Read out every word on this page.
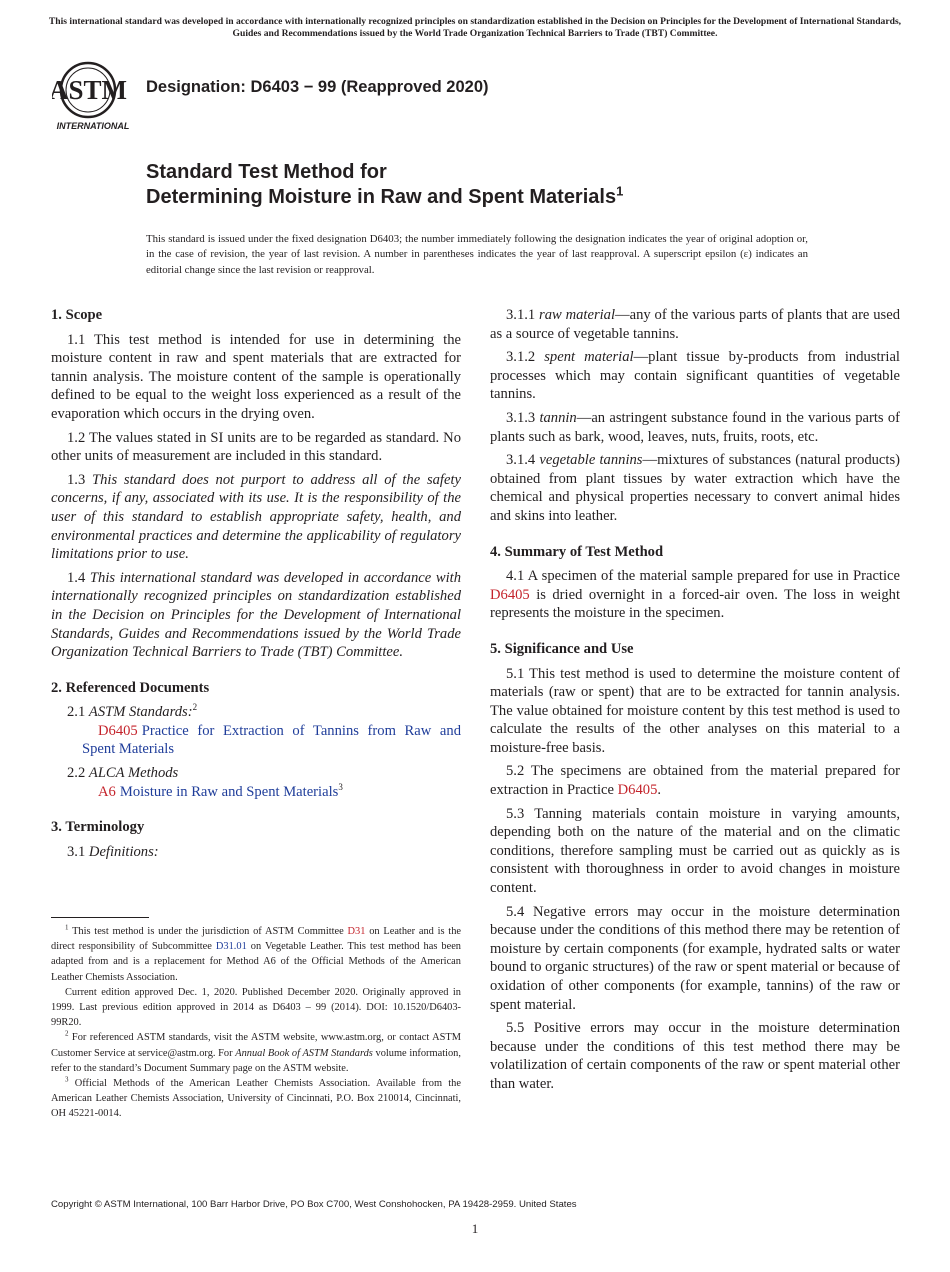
This international standard was developed in accordance with internationally recognized principles on standardization established in the Decision on Principles for the Development of International Standards, Guides and Recommendations issued by the World Trade Organization Technical Barriers to Trade (TBT) Committee.
ASTM
INTERNATIONAL
Designation: D6403 − 99 (Reapproved 2020)
Standard Test Method for
Determining Moisture in Raw and Spent Materials$^1$
This standard is issued under the fixed designation D6403; the number immediately following the designation indicates the year of original adoption or, in the case of revision, the year of last revision. A number in parentheses indicates the year of last reapproval. A superscript epsilon (ε) indicates an editorial change since the last revision or reapproval.
1. Scope

1.1 This test method is intended for use in determining the moisture content in raw and spent materials that are extracted for tannin analysis. The moisture content of the sample is operationally defined to be equal to the weight loss experienced as a result of the evaporation which occurs in the drying oven.

1.2 The values stated in SI units are to be regarded as standard. No other units of measurement are included in this standard.

1.3 This standard does not purport to address all of the safety concerns, if any, associated with its use. It is the responsibility of the user of this standard to establish appropriate safety, health, and environmental practices and determine the applicability of regulatory limitations prior to use.

1.4 This international standard was developed in accordance with internationally recognized principles on standardization established in the Decision on Principles for the Development of International Standards, Guides and Recommendations issued by the World Trade Organization Technical Barriers to Trade (TBT) Committee.

2. Referenced Documents

2.1 ASTM Standards:$^2$

D6405 Practice for Extraction of Tannins from Raw and Spent Materials

2.2 ALCA Methods

A6 Moisture in Raw and Spent Materials$^3$

3. Terminology

3.1 Definitions:

$^1$ This test method is under the jurisdiction of ASTM Committee D31 on Leather and is the direct responsibility of Subcommittee D31.01 on Vegetable Leather. This test method has been adapted from and is a replacement for Method A6 of the Official Methods of the American Leather Chemists Association.

Current edition approved Dec. 1, 2020. Published December 2020. Originally approved in 1999. Last previous edition approved in 2014 as D6403 – 99 (2014). DOI: 10.1520/D6403-99R20.

$^2$ For referenced ASTM standards, visit the ASTM website, www.astm.org, or contact ASTM Customer Service at service@astm.org. For Annual Book of ASTM Standards volume information, refer to the standard’s Document Summary page on the ASTM website.

$^3$ Official Methods of the American Leather Chemists Association. Available from the American Leather Chemists Association, University of Cincinnati, P.O. Box 210014, Cincinnati, OH 45221-0014.

3.1.1 raw material—any of the various parts of plants that are used as a source of vegetable tannins.

3.1.2 spent material—plant tissue by-products from industrial processes which may contain significant quantities of vegetable tannins.

3.1.3 tannin—an astringent substance found in the various parts of plants such as bark, wood, leaves, nuts, fruits, roots, etc.

3.1.4 vegetable tannins—mixtures of substances (natural products) obtained from plant tissues by water extraction which have the chemical and physical properties necessary to convert animal hides and skins into leather.

4. Summary of Test Method

4.1 A specimen of the material sample prepared for use in Practice D6405 is dried overnight in a forced-air oven. The loss in weight represents the moisture in the specimen.

5. Significance and Use

5.1 This test method is used to determine the moisture content of materials (raw or spent) that are to be extracted for tannin analysis. The value obtained for moisture content by this test method is used to calculate the results of the other analyses on this material to a moisture-free basis.

5.2 The specimens are obtained from the material prepared for extraction in Practice D6405.

5.3 Tanning materials contain moisture in varying amounts, depending both on the nature of the material and on the climatic conditions, therefore sampling must be carried out as quickly as is consistent with thoroughness in order to avoid changes in moisture content.

5.4 Negative errors may occur in the moisture determination because under the conditions of this method there may be retention of moisture by certain components (for example, hydrated salts or water bound to organic structures) of the raw or spent material or because of oxidation of other components (for example, tannins) of the raw or spent material.

5.5 Positive errors may occur in the moisture determination because under the conditions of this test method there may be volatilization of certain components of the raw or spent material other than water.

Copyright © ASTM International, 100 Barr Harbor Drive, PO Box C700, West Conshohocken, PA 19428-2959. United States
1
